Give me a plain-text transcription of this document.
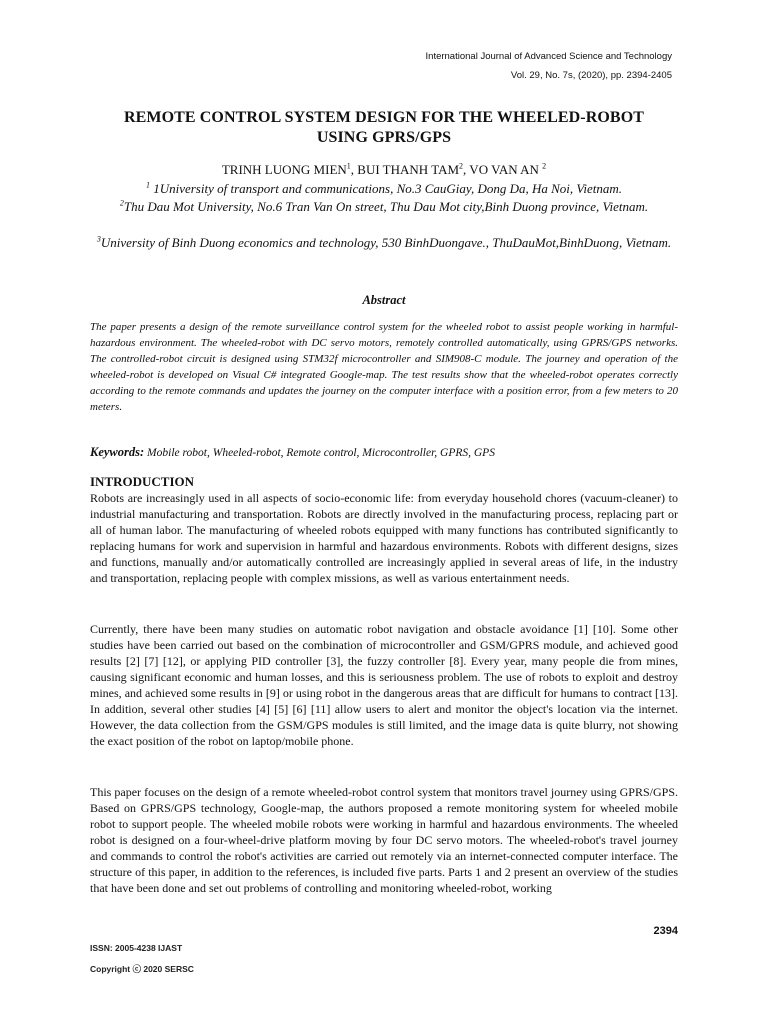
International Journal of Advanced Science and Technology
Vol. 29, No. 7s, (2020), pp. 2394-2405
REMOTE CONTROL SYSTEM DESIGN FOR THE WHEELED-ROBOT
USING GPRS/GPS
TRINH LUONG MIEN$^1$, BUI THANH TAM$^2$, VO VAN AN $^2$
$^1$ 1University of transport and communications, No.3 CauGiay, Dong Da, Ha Noi, Vietnam.
$^2$Thu Dau Mot University, No.6 Tran Van On street, Thu Dau Mot city,Binh Duong province, Vietnam.
$^3$University of Binh Duong economics and technology, 530 BinhDuongave., ThuDauMot,BinhDuong, Vietnam.
Abstract
The paper presents a design of the remote surveillance control system for the wheeled robot to assist people working in harmful-hazardous environment. The wheeled-robot with DC servo motors, remotely controlled automatically, using GPRS/GPS networks. The controlled-robot circuit is designed using STM32f microcontroller and SIM908-C module. The journey and operation of the wheeled-robot is developed on Visual C# integrated Google-map. The test results show that the wheeled-robot operates correctly according to the remote commands and updates the journey on the computer interface with a position error, from a few meters to 20 meters.
Keywords: Mobile robot, Wheeled-robot, Remote control, Microcontroller, GPRS, GPS
INTRODUCTION
Robots are increasingly used in all aspects of socio-economic life: from everyday household chores (vacuum-cleaner) to industrial manufacturing and transportation. Robots are directly involved in the manufacturing process, replacing part or all of human labor. The manufacturing of wheeled robots equipped with many functions has contributed significantly to replacing humans for work and supervision in harmful and hazardous environments. Robots with different designs, sizes and functions, manually and/or automatically controlled are increasingly applied in several areas of life, in the industry and transportation, replacing people with complex missions, as well as various entertainment needs.
Currently, there have been many studies on automatic robot navigation and obstacle avoidance [1] [10]. Some other studies have been carried out based on the combination of microcontroller and GSM/GPRS module, and achieved good results [2] [7] [12], or applying PID controller [3], the fuzzy controller [8]. Every year, many people die from mines, causing significant economic and human losses, and this is seriousness problem. The use of robots to exploit and destroy mines, and achieved some results in [9] or using robot in the dangerous areas that are difficult for humans to contract [13]. In addition, several other studies [4] [5] [6] [11] allow users to alert and monitor the object's location via the internet. However, the data collection from the GSM/GPS modules is still limited, and the image data is quite blurry, not showing the exact position of the robot on laptop/mobile phone.
This paper focuses on the design of a remote wheeled-robot control system that monitors travel journey using GPRS/GPS. Based on GPRS/GPS technology, Google-map, the authors proposed a remote monitoring system for wheeled mobile robot to support people. The wheeled mobile robots were working in harmful and hazardous environments. The wheeled robot is designed on a four-wheel-drive platform moving by four DC servo motors. The wheeled-robot's travel journey and commands to control the robot's activities are carried out remotely via an internet-connected computer interface. The structure of this paper, in addition to the references, is included five parts. Parts 1 and 2 present an overview of the studies that have been done and set out problems of controlling and monitoring wheeled-robot, working
2394
ISSN: 2005-4238 IJAST
Copyright ⓒ 2020 SERSC
